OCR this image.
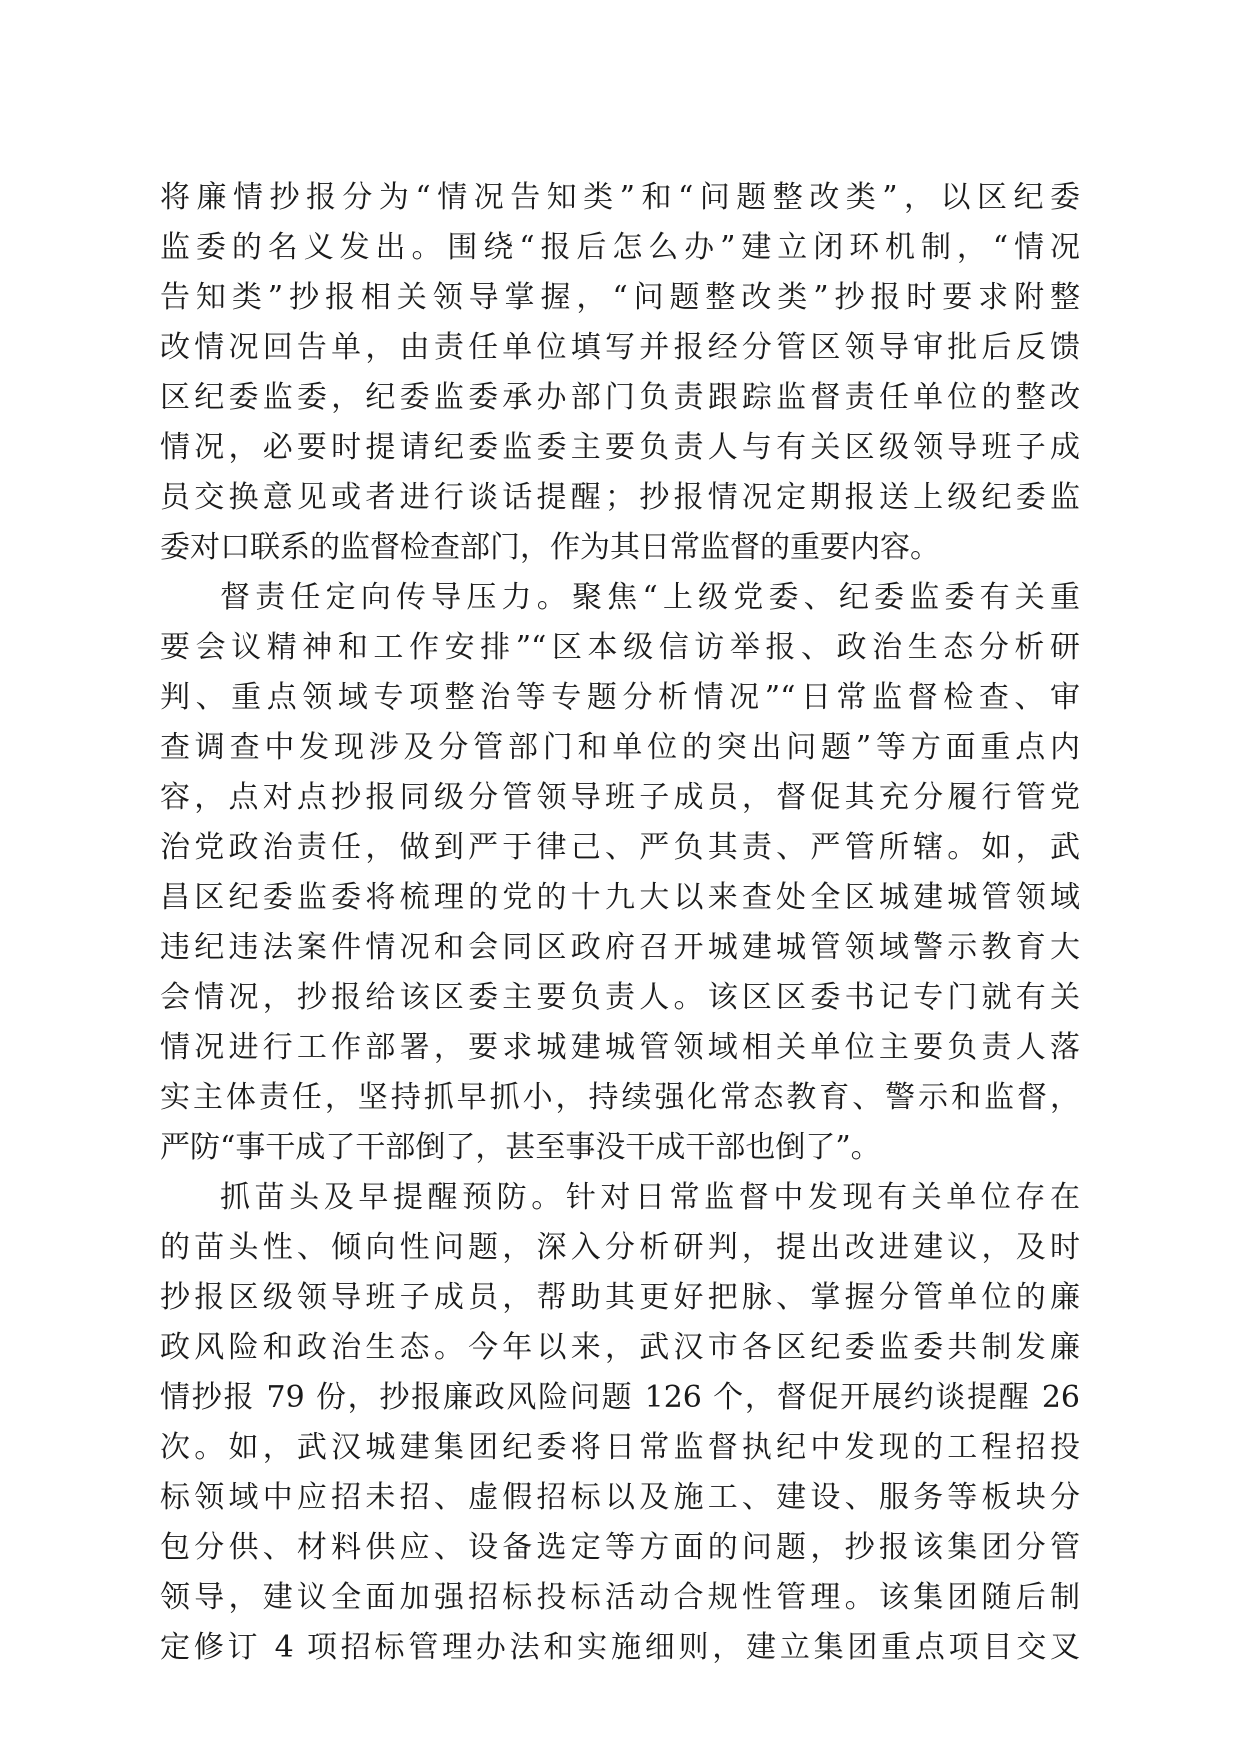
将廉情抄报分为“情况告知类”和“问题整改类”，以区纪委
监委的名义发出。围绕“报后怎么办”建立闭环机制，“情况
告知类”抄报相关领导掌握，“问题整改类”抄报时要求附整
改情况回告单，由责任单位填写并报经分管区领导审批后反馈
区纪委监委，纪委监委承办部门负责跟踪监督责任单位的整改
情况，必要时提请纪委监委主要负责人与有关区级领导班子成
员交换意见或者进行谈话提醒；抄报情况定期报送上级纪委监
委对口联系的监督检查部门，作为其日常监督的重要内容。
督责任定向传导压力。聚焦“上级党委、纪委监委有关重
要会议精神和工作安排”“区本级信访举报、政治生态分析研
判、重点领域专项整治等专题分析情况”“日常监督检查、审
查调查中发现涉及分管部门和单位的突出问题”等方面重点内
容，点对点抄报同级分管领导班子成员，督促其充分履行管党
治党政治责任，做到严于律己、严负其责、严管所辖。如，武
昌区纪委监委将梳理的党的十九大以来查处全区城建城管领域
违纪违法案件情况和会同区政府召开城建城管领域警示教育大
会情况，抄报给该区委主要负责人。该区区委书记专门就有关
情况进行工作部署，要求城建城管领域相关单位主要负责人落
实主体责任，坚持抓早抓小，持续强化常态教育、警示和监督，
严防“事干成了干部倒了，甚至事没干成干部也倒了”。
抓苗头及早提醒预防。针对日常监督中发现有关单位存在
的苗头性、倾向性问题，深入分析研判，提出改进建议，及时
抄报区级领导班子成员，帮助其更好把脉、掌握分管单位的廉
政风险和政治生态。今年以来，武汉市各区纪委监委共制发廉
情抄报 79 份，抄报廉政风险问题 126 个，督促开展约谈提醒 26
次。如，武汉城建集团纪委将日常监督执纪中发现的工程招投
标领域中应招未招、虚假招标以及施工、建设、服务等板块分
包分供、材料供应、设备选定等方面的问题，抄报该集团分管
领导，建议全面加强招标投标活动合规性管理。该集团随后制
定修订 4 项招标管理办法和实施细则，建立集团重点项目交叉
